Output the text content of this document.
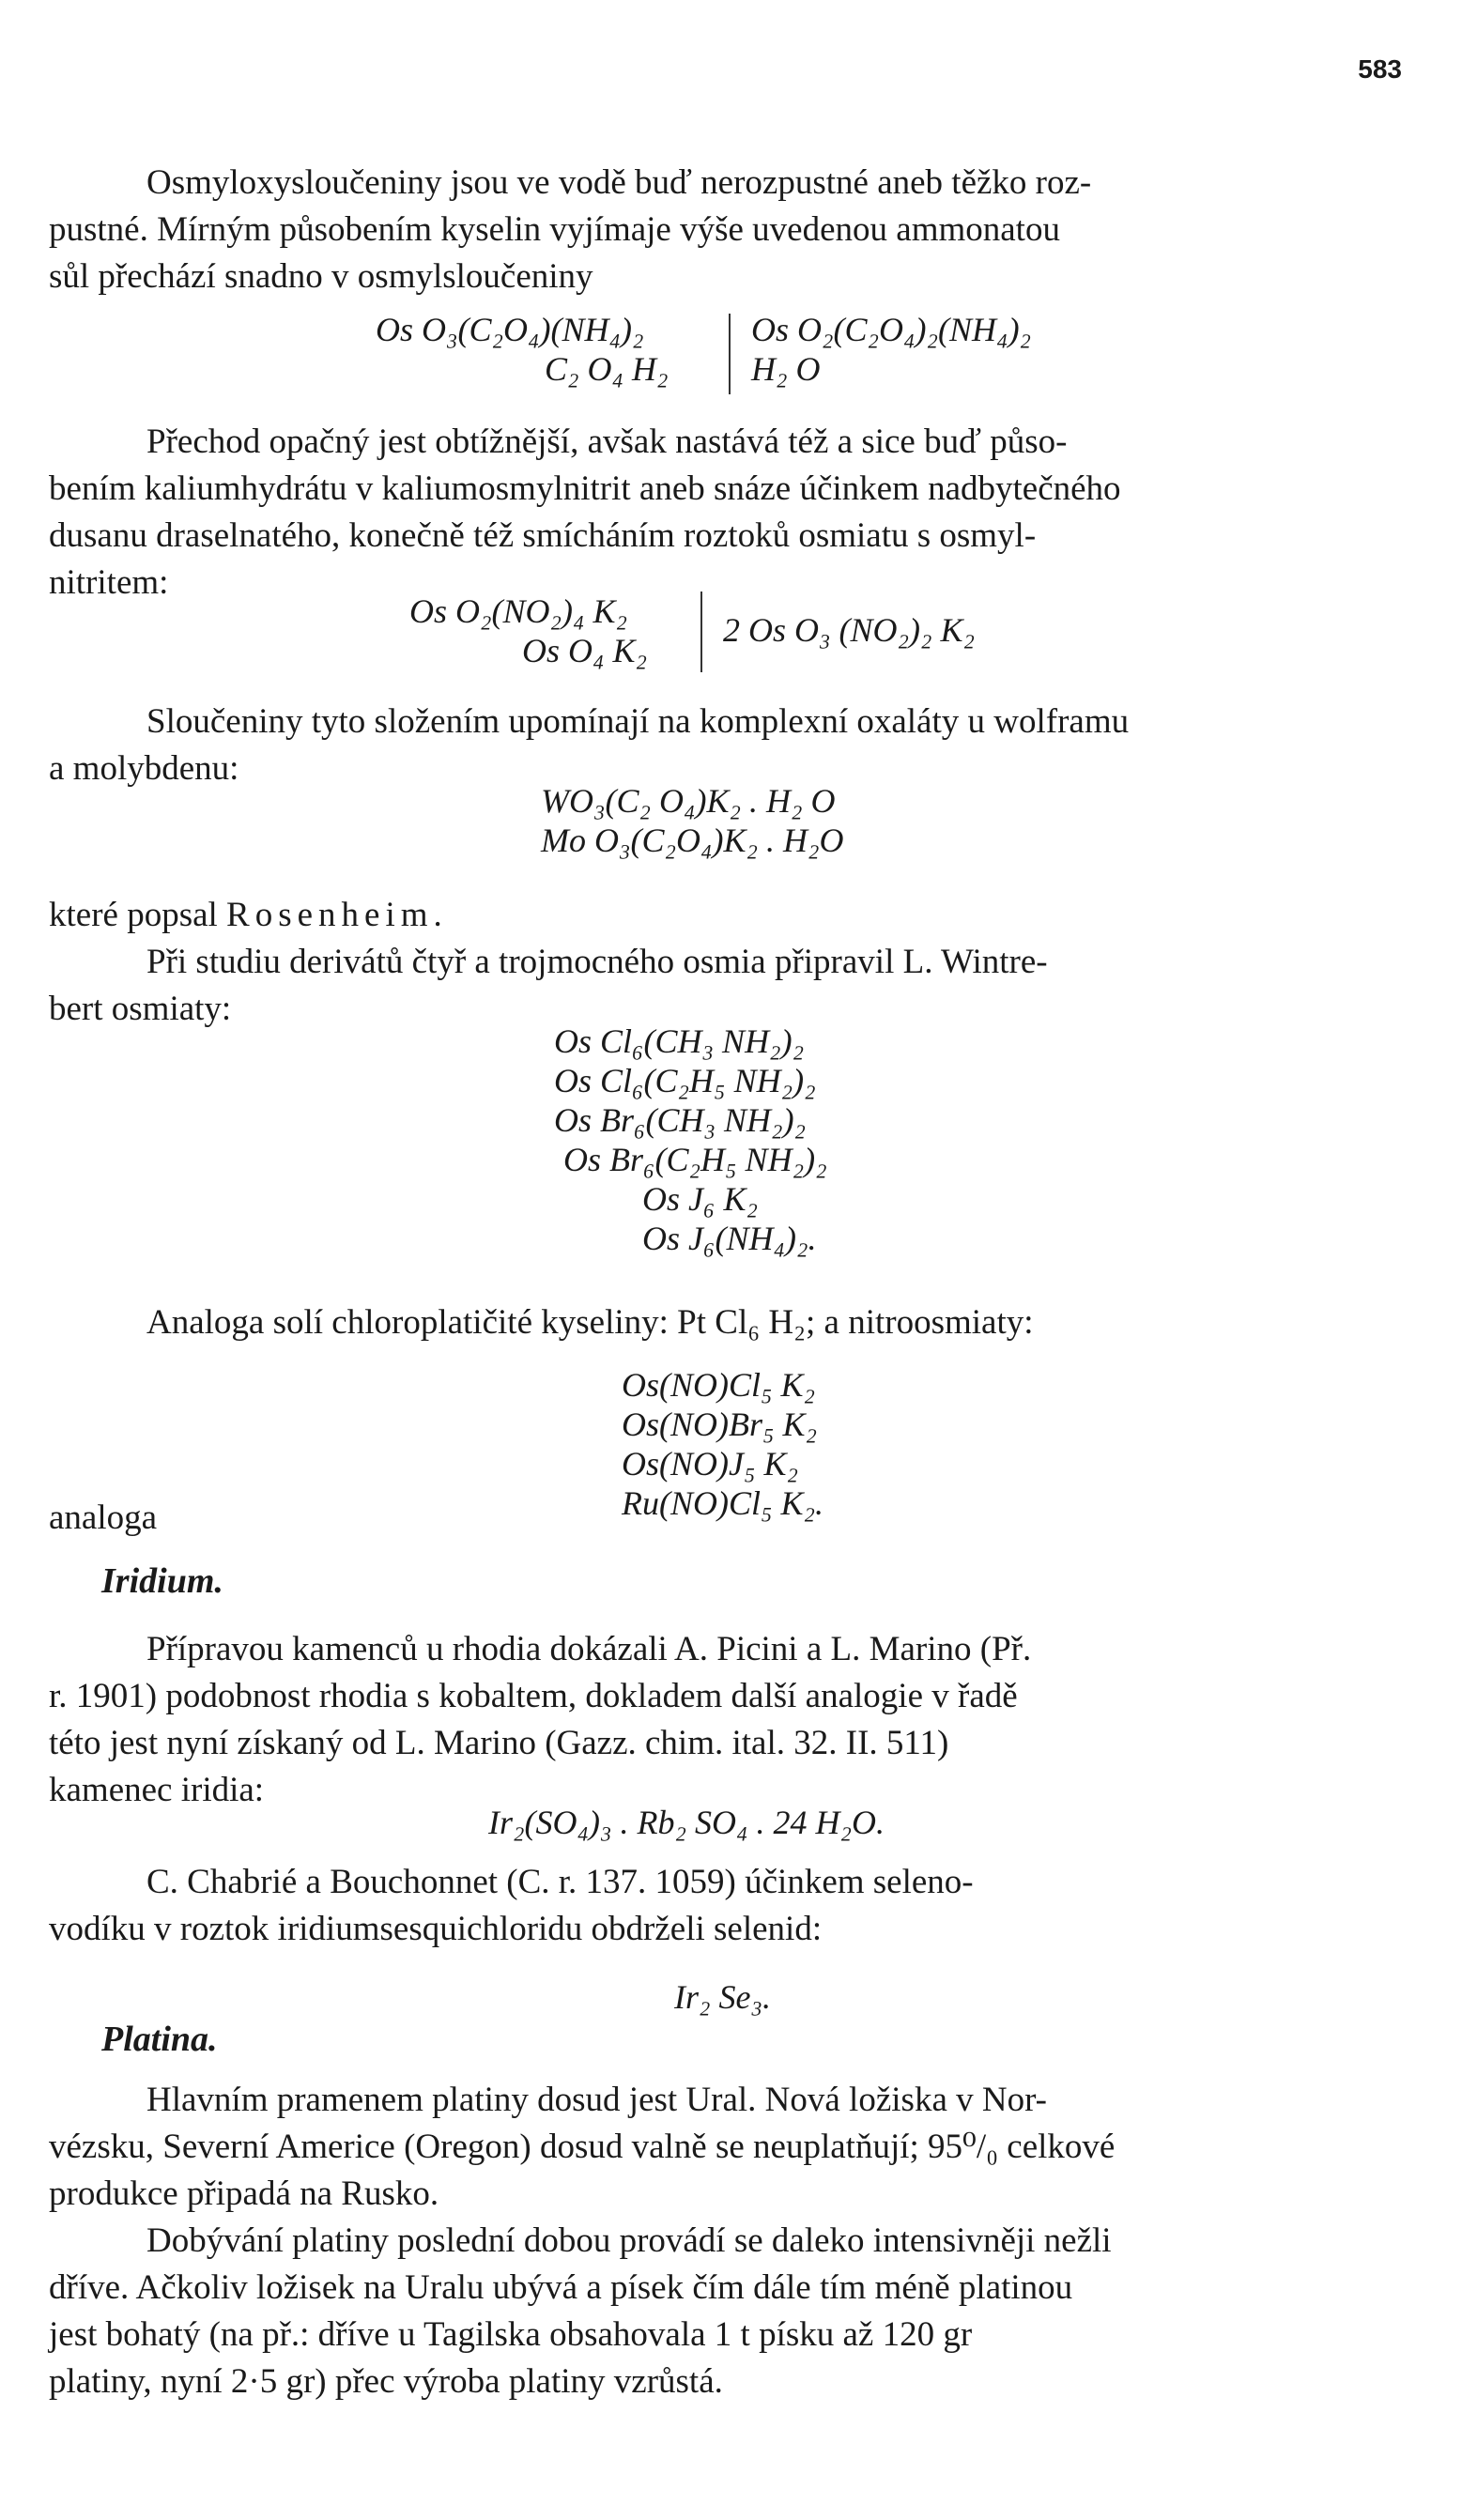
583
Osmyloxysloučeniny jsou ve vodě buď nerozpustné aneb těžko roz-
pustné. Mírným působením kyselin vyjímaje výše uvedenou ammonatou
sůl přechází snadno v osmylsloučeniny
Os O₃(C₂O₄)(NH₄)₂
C₂ O₄ H₂
Os O₂(C₂O₄)₂(NH₄)₂
H₂ O
Přechod opačný jest obtížnější, avšak nastává též a sice buď půso-
bením kaliumhydrátu v kaliumosmylnitrit aneb snáze účinkem nadbytečného
dusanu draselnatého, konečně též smícháním roztoků osmiatu s osmyl-
nitritem:
Os O₂(NO₂)₄ K₂
Os O₄ K₂
2 Os O₃ (NO₂)₂ K₂
Sloučeniny tyto složením upomínají na komplexní oxaláty u wolframu
a molybdenu:
WO₃(C₂ O₄)K₂ . H₂ O
Mo O₃(C₂O₄)K₂ . H₂O
které popsal Rosenheim.
Při studiu derivátů čtyř a trojmocného osmia připravil L. Wintre-
bert osmiaty:
Os Cl₆(CH₃ NH₂)₂
Os Cl₆(C₂H₅ NH₂)₂
Os Br₆(CH₃ NH₂)₂
Os Br₆(C₂H₅ NH₂)₂
Os J₆ K₂
Os J₆(NH₄)₂.
Analoga solí chloroplatičité kyseliny: Pt Cl₆ H₂; a nitroosmiaty:
Os(NO)Cl₅ K₂
Os(NO)Br₅ K₂
Os(NO)J₅ K₂
Ru(NO)Cl₅ K₂.
analoga
Iridium.
Přípravou kamenců u rhodia dokázali A. Picini a L. Marino (Př.
r. 1901) podobnost rhodia s kobaltem, dokladem další analogie v řadě
této jest nyní získaný od L. Marino (Gazz. chim. ital. 32. II. 511)
kamenec iridia:
Ir₂(SO₄)₃ . Rb₂ SO₄ . 24 H₂O.
C. Chabrié a Bouchonnet (C. r. 137. 1059) účinkem seleno-
vodíku v roztok iridiumsesquichloridu obdrželi selenid:
Ir₂ Se₃.
Platina.
Hlavním pramenem platiny dosud jest Ural. Nová ložiska v Nor-
vézsku, Severní Americe (Oregon) dosud valně se neuplatňují; 95⁰/₀ celkové
produkce připadá na Rusko.
Dobývání platiny poslední dobou provádí se daleko intensivněji nežli
dříve. Ačkoliv ložisek na Uralu ubývá a písek čím dále tím méně platinou
jest bohatý (na př.: dříve u Tagilska obsahovala 1 t písku až 120 gr
platiny, nyní 2·5 gr) přec výroba platiny vzrůstá.
